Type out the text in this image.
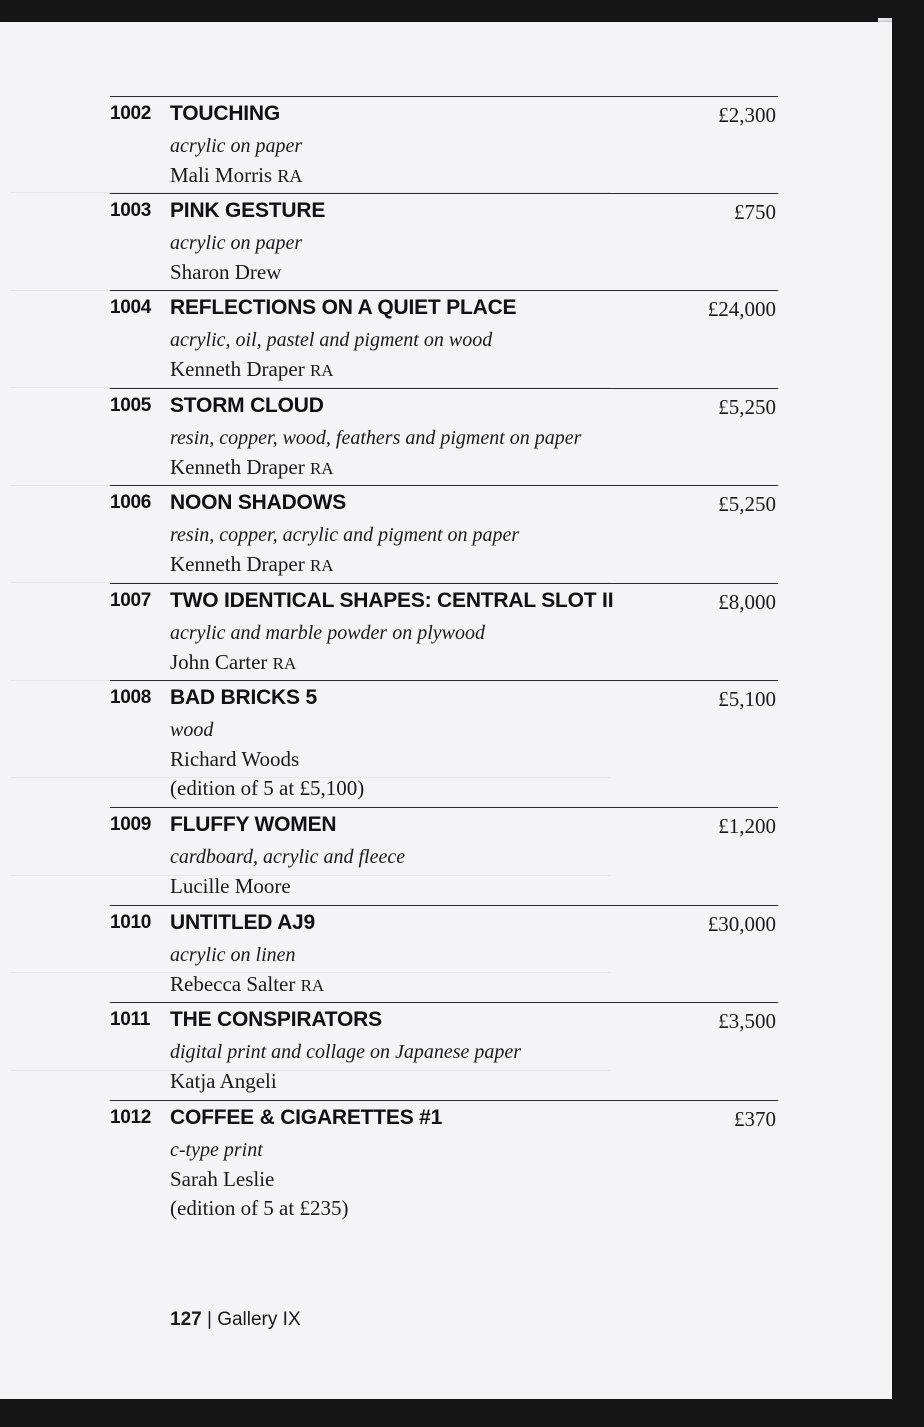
1002 TOUCHING	£2,300
acrylic on paper
Mali Morris RA
1003 PINK GESTURE	£750
acrylic on paper
Sharon Drew
1004 REFLECTIONS ON A QUIET PLACE	£24,000
acrylic, oil, pastel and pigment on wood
Kenneth Draper RA
1005 STORM CLOUD	£5,250
resin, copper, wood, feathers and pigment on paper
Kenneth Draper RA
1006 NOON SHADOWS	£5,250
resin, copper, acrylic and pigment on paper
Kenneth Draper RA
1007 TWO IDENTICAL SHAPES: CENTRAL SLOT II	£8,000
acrylic and marble powder on plywood
John Carter RA
1008 BAD BRICKS 5	£5,100
wood
Richard Woods
(edition of 5 at £5,100)
1009 FLUFFY WOMEN	£1,200
cardboard, acrylic and fleece
Lucille Moore
1010 UNTITLED AJ9	£30,000
acrylic on linen
Rebecca Salter RA
1011 THE CONSPIRATORS	£3,500
digital print and collage on Japanese paper
Katja Angeli
1012 COFFEE & CIGARETTES #1	£370
c-type print
Sarah Leslie
(edition of 5 at £235)
127 | Gallery IX
